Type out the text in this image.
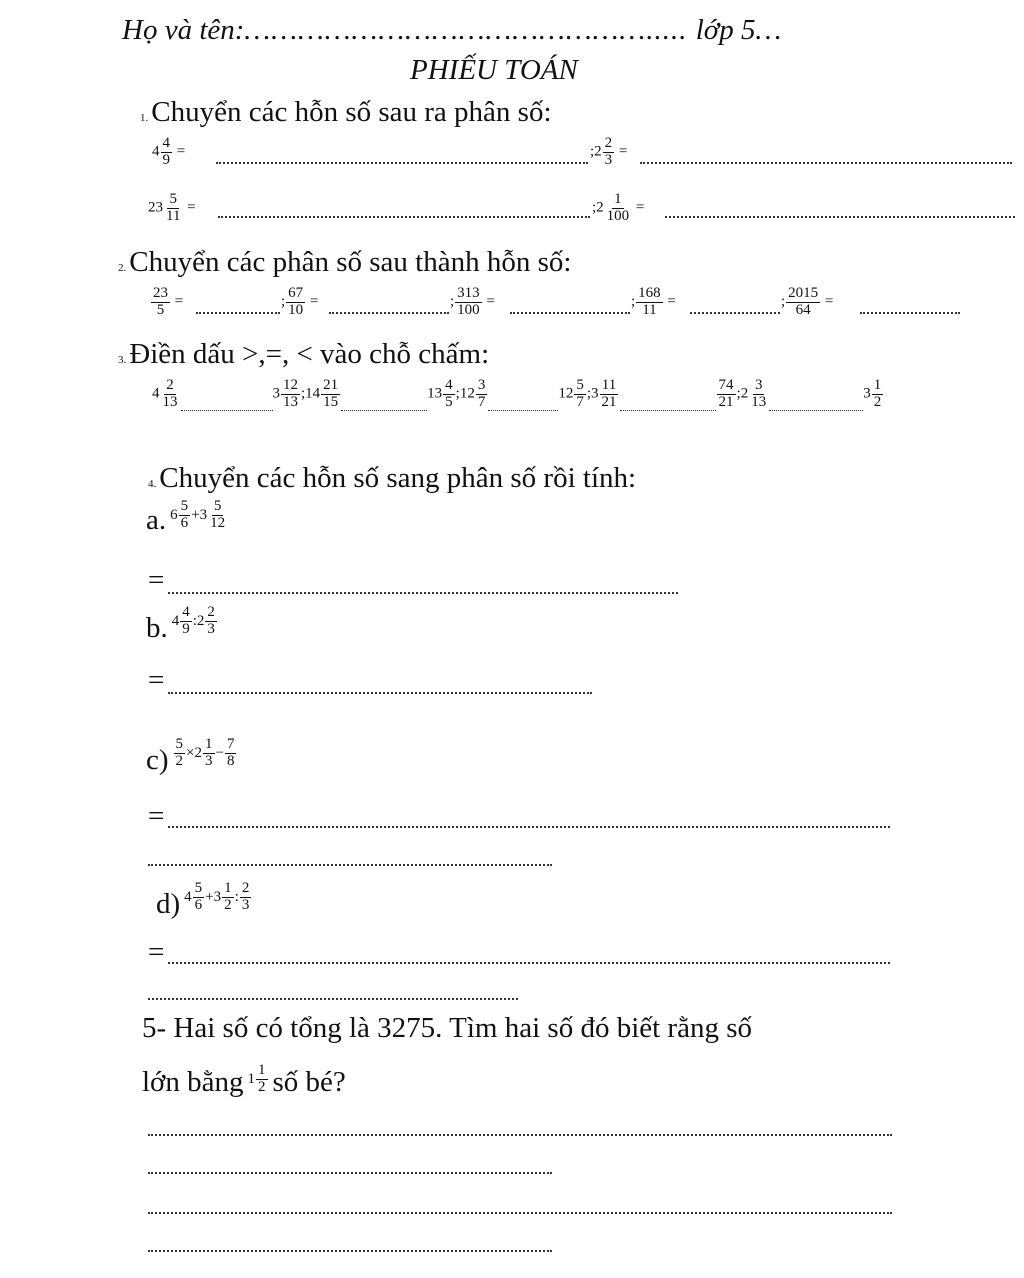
Họ và tên:………………………………………..... lớp 5…
PHIẾU TOÁN
1. Chuyển các hỗn số sau ra phân số:
$4 \frac{4}{9}$ =	;2 $\frac{2}{3}$ =
$23 \frac{5}{11}$ =	;2 $\frac{1}{100}$ =
2. Chuyển các phân số sau thành hỗn số:
$\frac{23}{5}$ =	; $\frac{67}{10}$ =	; $\frac{313}{100}$ =	; $\frac{168}{11}$ =	; $\frac{2015}{64}$ =
3. Điền dấu >,=, < vào chỗ chấm:
$4 \frac{2}{13}$	$3 \frac{12}{13}$ ;14 $\frac{21}{15}$	$13 \frac{4}{5}$ ;12 $\frac{3}{7}$	$12 \frac{5}{7}$ ;3 $\frac{11}{21}$	$\frac{74}{21}$ ;2 $\frac{3}{13}$	$3 \frac{1}{2}$
4. Chuyển các hỗn số sang phân số rồi tính:
a. $6 \frac{5}{6} +3 \frac{5}{12}$
=
b. $4 \frac{4}{9}$ :2 $\frac{2}{3}$
=
$c) \frac{5}{2} \times 2 \frac{1}{3} - \frac{7}{8}$
=
d) $4 \frac{5}{6} +3 \frac{1}{2}$ : $\frac{2}{3}$
=
5- Hai số có tổng là 3275. Tìm hai số đó biết rằng số
lớn bằng $1 \frac{1}{2}$ số bé?
